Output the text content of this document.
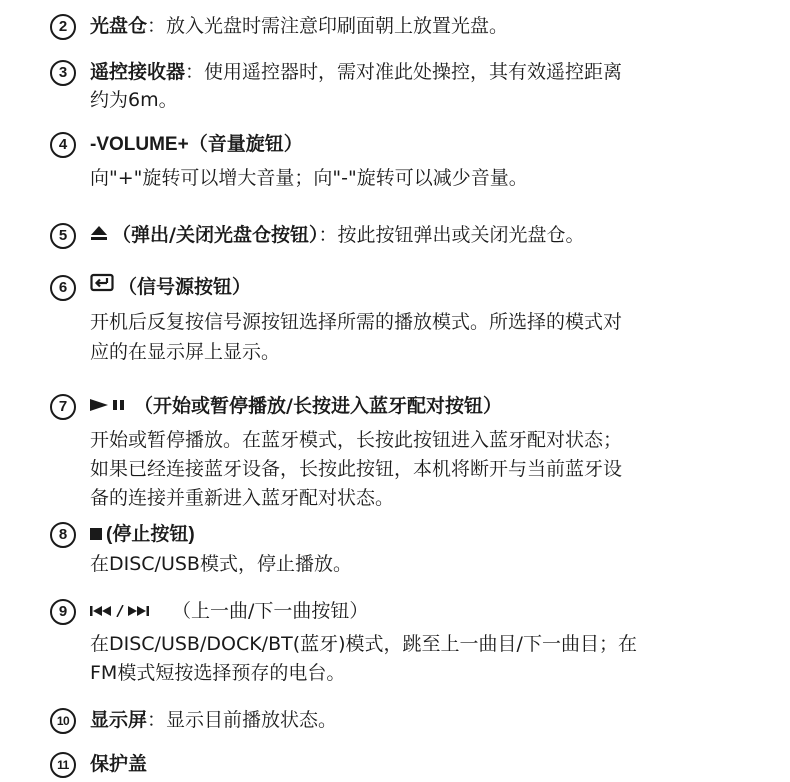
2	光盘仓：放入光盘时需注意印刷面朝上放置光盘。
3	遥控接收器：使用遥控器时，需对准此处操控，其有效遥控距离
约为6m。
4	-VOLUME+（音量旋钮）
向"+"旋转可以增大音量；向"-"旋转可以减少音量。
5	（弹出/关闭光盘仓按钮）：按此按钮弹出或关闭光盘仓。
6	（信号源按钮）
开机后反复按信号源按钮选择所需的播放模式。所选择的模式对
应的在显示屏上显示。
7	（开始或暂停播放/长按进入蓝牙配对按钮）
开始或暂停播放。在蓝牙模式，长按此按钮进入蓝牙配对状态；
如果已经连接蓝牙设备，长按此按钮，本机将断开与当前蓝牙设
备的连接并重新进入蓝牙配对状态。
8	(停止按钮)
在DISC/USB模式，停止播放。
9	（上一曲/下一曲按钮）
在DISC/USB/DOCK/BT(蓝牙)模式，跳至上一曲目/下一曲目；在
FM模式短按选择预存的电台。
10	显示屏：显示目前播放状态。
11	保护盖
